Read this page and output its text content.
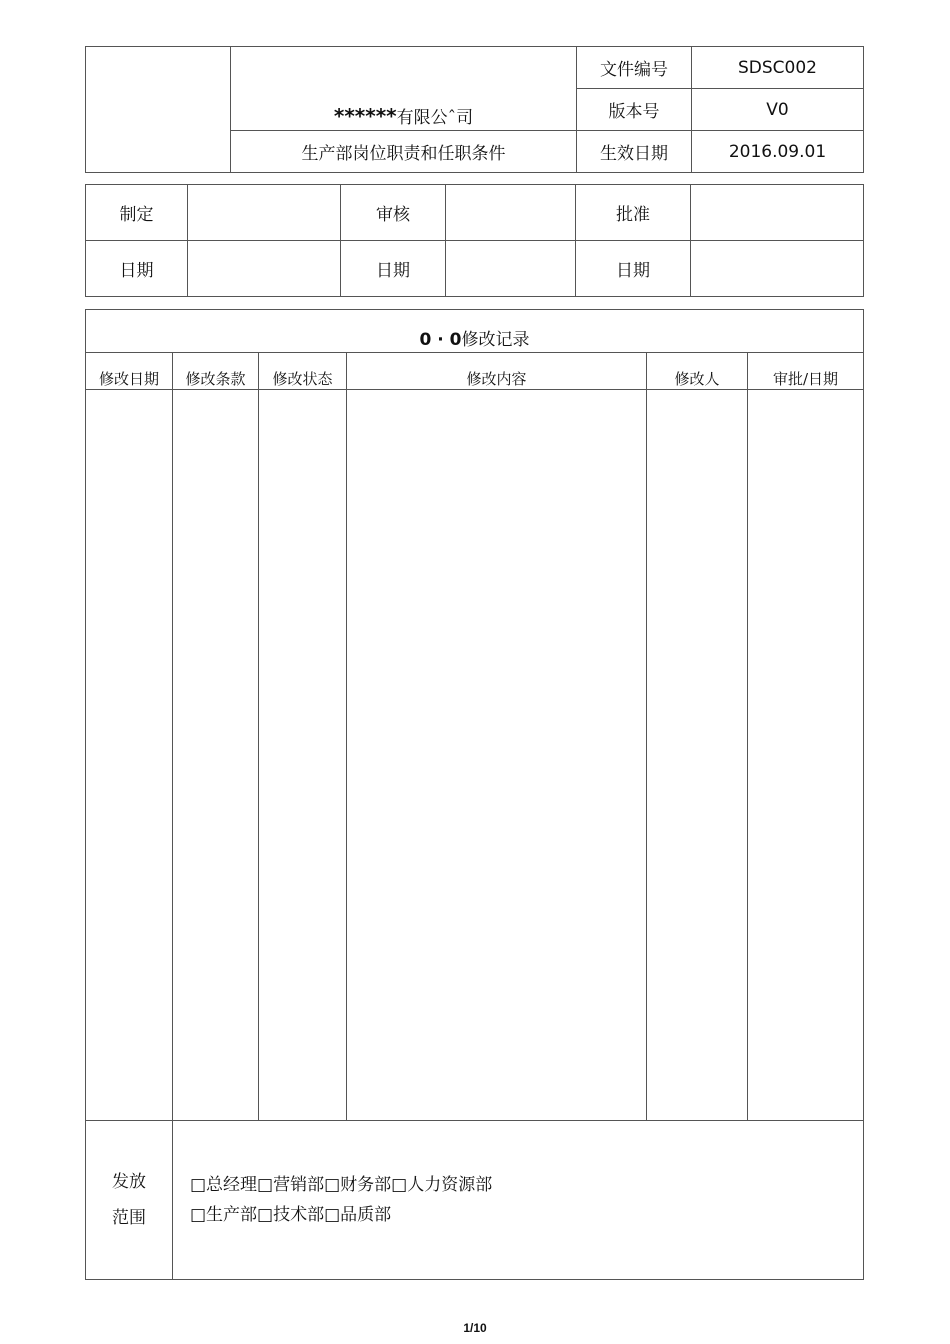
	******有限公ˆ司	文件编号	SDSC002
		版本号	V0
	生产部岗位职责和任职条件	生效日期	2016.09.01
制定		审核		批准	
日期		日期		日期	
0 · 0修改记录					
修改日期	修改条款	修改状态	修改内容	修改人	审批/日期

发放
范围	□总经理□营销部□财务部□人力资源部
□生产部□技术部□品质部				
1/10
